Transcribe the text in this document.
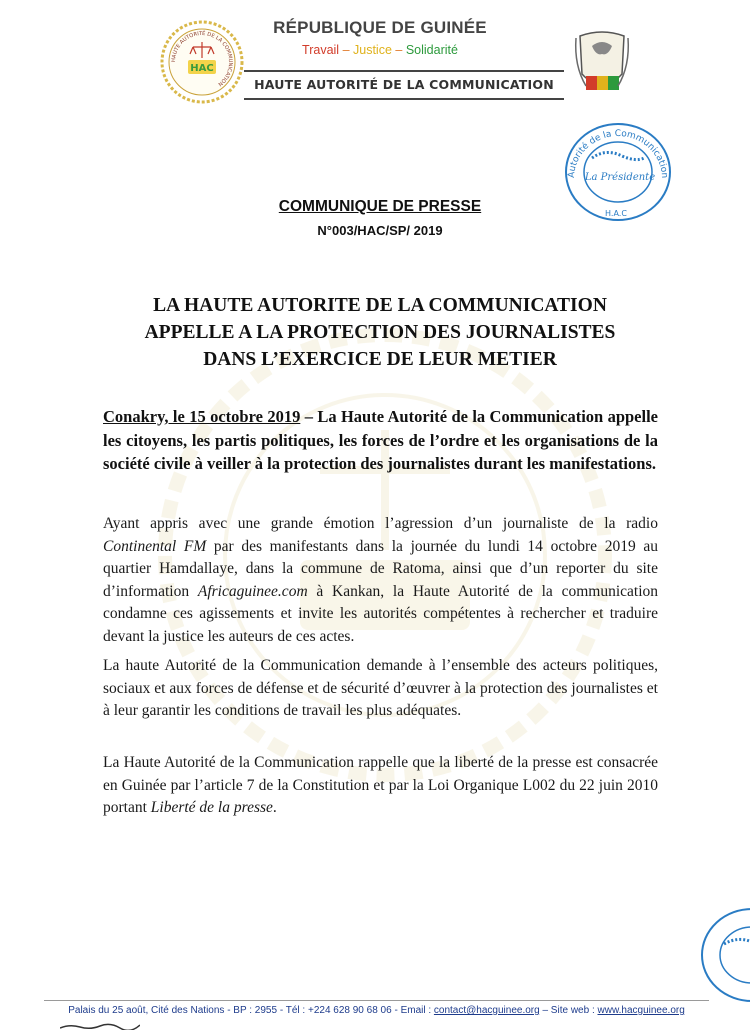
HAUTE AUTORITÉ DE LA COMMUNICATION
HAC
RÉPUBLIQUE DE GUINÉE
Travail – Justice – Solidarité
HAUTE AUTORITÉ DE LA COMMUNICATION
Autorité de la Communication
La Présidente
H.A.C
COMMUNIQUE DE PRESSE
N°003/HAC/SP/ 2019
LA HAUTE AUTORITE DE LA COMMUNICATION
APPELLE A LA PROTECTION DES JOURNALISTES
DANS L’EXERCICE DE LEUR METIER
Conakry, le 15 octobre 2019 – La Haute Autorité de la Communication appelle les citoyens, les partis politiques, les forces de l’ordre et les organisations de la société civile à veiller à la protection des journalistes durant les manifestations.
Ayant appris avec une grande émotion l’agression d’un journaliste de la radio Continental FM par des manifestants dans la journée du lundi 14 octobre 2019 au quartier Hamdallaye, dans la commune de Ratoma, ainsi que d’un reporter du site d’information Africaguinee.com à Kankan, la Haute Autorité de la communication condamne ces agissements et invite les autorités compétentes à rechercher et traduire devant la justice les auteurs de ces actes.
La haute Autorité de la Communication demande à l’ensemble des acteurs politiques, sociaux et aux forces de défense et de sécurité d’œuvrer à la protection des journalistes et à leur garantir les conditions de travail les plus adéquates.
La Haute Autorité de la Communication rappelle que la liberté de la presse est consacrée en Guinée par l’article 7 de la Constitution et par la Loi Organique L002 du 22 juin 2010 portant Liberté de la presse.
Palais du 25 août, Cité des Nations - BP : 2955 - Tél : +224 628 90 68 06 - Email : contact@hacguinee.org – Site web : www.hacguinee.org
